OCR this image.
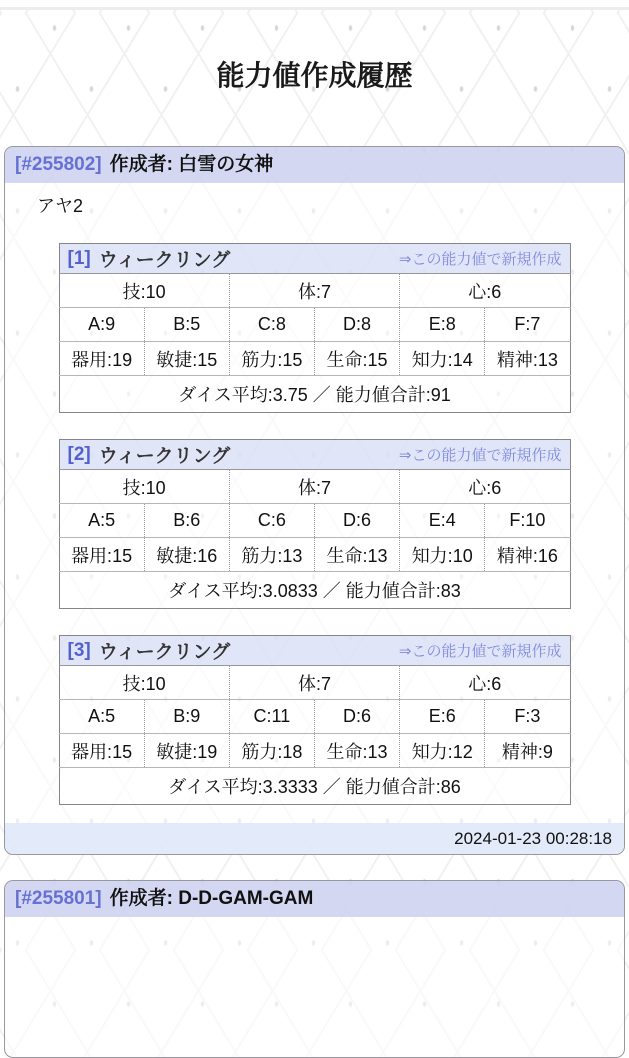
能力値作成履歴
[#255802] 作成者: 白雪の女神
アヤ2
[1] ウィークリング ⇒この能力値で新規作成					

技:10		体:7		心:6	
A:9	B:5	C:8	D:8	E:8	F:7
器用:19	敏捷:15	筋力:15	生命:15	知力:14	精神:13
ダイス平均:3.75 ／ 能力値合計:91					
[2] ウィークリング ⇒この能力値で新規作成					

技:10		体:7		心:6	
A:5	B:6	C:6	D:6	E:4	F:10
器用:15	敏捷:16	筋力:13	生命:13	知力:10	精神:16
ダイス平均:3.0833 ／ 能力値合計:83					
[3] ウィークリング ⇒この能力値で新規作成					

技:10		体:7		心:6	
A:5	B:9	C:11	D:6	E:6	F:3
器用:15	敏捷:19	筋力:18	生命:13	知力:12	精神:9
ダイス平均:3.3333 ／ 能力値合計:86					
2024-01-23 00:28:18
[#255801] 作成者: D-D-GAM-GAM
